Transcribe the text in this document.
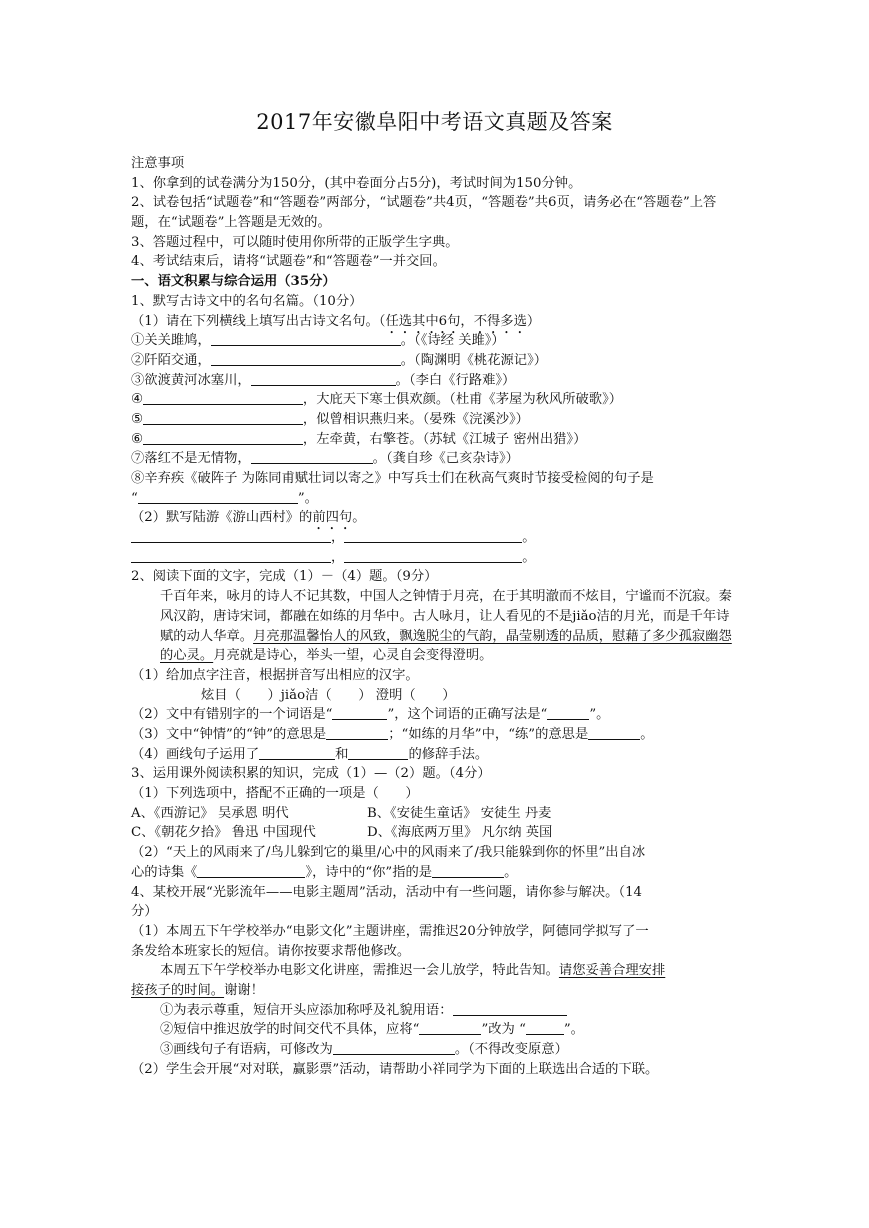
2017年安徽阜阳中考语文真题及答案
注意事项
1、你拿到的试卷满分为150分，(其中卷面分占5分)，考试时间为150分钟。
2、试卷包括“试题卷”和“答题卷”两部分，“试题卷”共4页，“答题卷”共6页，请务必在“答题卷”上答题，在“试题卷”上答题是无效的。
3、答题过程中，可以随时使用你所带的正版学生字典。
4、考试结束后，请将“试题卷”和“答题卷”一并交回。
一、语文积累与综合运用（35分）
1、默写古诗文中的名句名篇。（10分）
（1）请在下列横线上填写出古诗文名句。（任选其中6句，不得多选）
①关关雎鸠，	。（《诗经 关雎》）
②阡陌交通，	。（陶渊明《桃花源记》）
③欲渡黄河冰塞川，	。（李白《行路难》）
④	，大庇天下寒士俱欢颜。（杜甫《茅屋为秋风所破歌》）
⑤	，似曾相识燕归来。（晏殊《浣溪沙》）
⑥	，左牵黄，右擎苍。（苏轼《江城子 密州出猎》）
⑦落红不是无情物，	。（龚自珍《己亥杂诗》）
⑧辛弃疾《破阵子 为陈同甫赋壮词以寄之》中写兵士们在秋高气爽时节接受检阅的句子是
“	”。
（2）默写陆游《游山西村》的前四句。
，	。
，	。
2、阅读下面的文字，完成（1）－（4）题。（9分）
千百年来，咏月的诗人不记其数，中国人之钟情于月亮，在于其明澈而不炫目，宁谧而不沉寂。秦风汉韵，唐诗宋词，都融在如练的月华中。古人咏月，让人看见的不是jiǎo洁的月光，而是千年诗赋的动人华章。月亮那温馨怡人的风致，飘逸脱尘的气韵，晶莹剔透的品质，慰藉了多少孤寂幽怨的心灵。月亮就是诗心，举头一望，心灵自会变得澄明。
（1）给加点字注音，根据拼音写出相应的汉字。
炫目（　　）jiǎo洁（　　） 澄明（　　）
（2）文中有错别字的一个词语是“	”，这个词语的正确写法是“	”。
（3）文中“钟情”的“钟”的意思是	；“如练的月华”中，“练”的意思是	。
（4）画线句子运用了	和	的修辞手法。
3、运用课外阅读积累的知识，完成（1）—（2）题。（4分）
（1）下列选项中，搭配不正确的一项是（　　）
A、《西游记》 吴承恩 明代	B、《安徒生童话》 安徒生 丹麦
C、《朝花夕拾》 鲁迅 中国现代	D、《海底两万里》 凡尔纳 英国
（2）“天上的风雨来了/鸟儿躲到它的巢里/心中的风雨来了/我只能躲到你的怀里”出自冰
心的诗集《	》，诗中的“你”指的是	。
4、某校开展“光影流年——电影主题周”活动，活动中有一些问题，请你参与解决。（14
分）
（1）本周五下午学校举办“电影文化”主题讲座，需推迟20分钟放学，阿德同学拟写了一
条发给本班家长的短信。请你按要求帮他修改。
本周五下午学校举办电影文化讲座，需推迟一会儿放学，特此告知。请您妥善合理安排
接孩子的时间。谢谢！
①为表示尊重，短信开头应添加称呼及礼貌用语：
②短信中推迟放学的时间交代不具体，应将“	”改为 “	”。
③画线句子有语病，可修改为	。（不得改变原意）
（2）学生会开展“对对联，赢影票”活动，请帮助小祥同学为下面的上联选出合适的下联。
